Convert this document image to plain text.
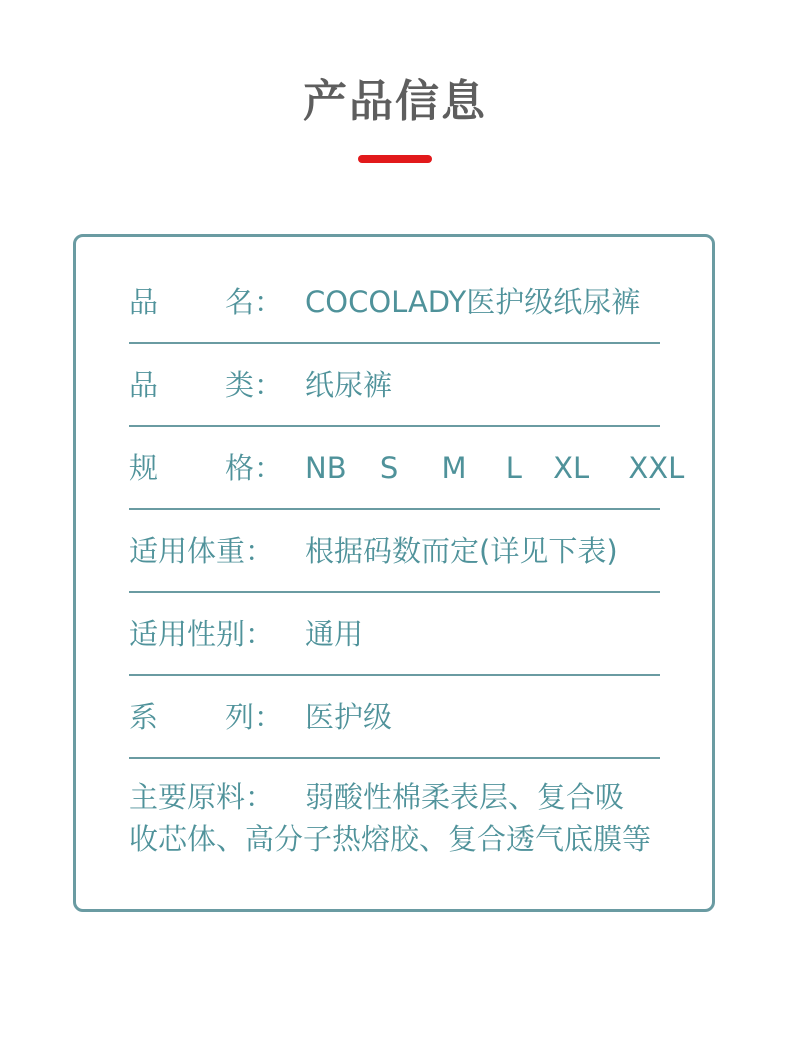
产品信息
品 名： COCOLADY医护级纸尿裤
品 类： 纸尿裤
规 格： NB S M L XL XXL
适用体重： 根据码数而定(详见下表)
适用性别： 通用
系 列： 医护级
主要原料： 弱酸性棉柔表层、复合吸
收芯体、高分子热熔胶、复合透气底膜等
